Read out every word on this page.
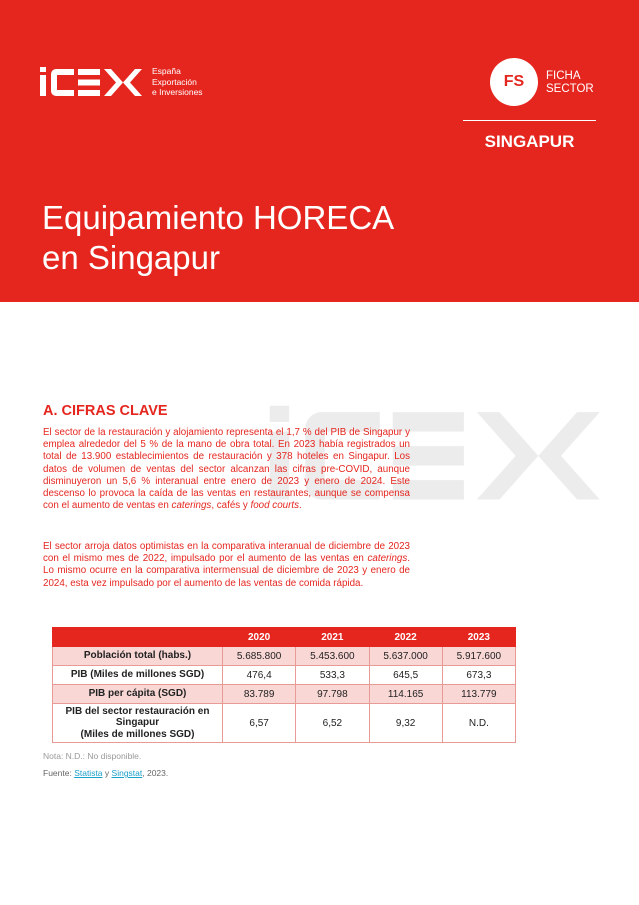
España
Exportación
e Inversiones
FS FICHA
SECTOR
SINGAPUR
Equipamiento HORECA
en Singapur
A. CIFRAS CLAVE
El sector de la restauración y alojamiento representa el 1,7 % del PIB de Singapur y emplea alrededor del 5 % de la mano de obra total. En 2023 había registrados un total de 13.900 establecimientos de restauración y 378 hoteles en Singapur. Los datos de volumen de ventas del sector alcanzan las cifras pre-COVID, aunque disminuyeron un 5,6 % interanual entre enero de 2023 y enero de 2024. Este descenso lo provoca la caída de las ventas en restaurantes, aunque se compensa con el aumento de ventas en caterings, cafés y food courts.
El sector arroja datos optimistas en la comparativa interanual de diciembre de 2023 con el mismo mes de 2022, impulsado por el aumento de las ventas en caterings. Lo mismo ocurre en la comparativa intermensual de diciembre de 2023 y enero de 2024, esta vez impulsado por el aumento de las ventas de comida rápida.
	2020	2021	2022	2023
Población total (habs.)	5.685.800	5.453.600	5.637.000	5.917.600
PIB (Miles de millones SGD)	476,4	533,3	645,5	673,3
PIB per cápita (SGD)	83.789	97.798	114.165	113.779

PIB del sector restauración en
Singapur
(Miles de millones SGD)	6,57	6,52	9,32	N.D.
Nota: N.D.: No disponible.
Fuente: Statista y Singstat, 2023.
